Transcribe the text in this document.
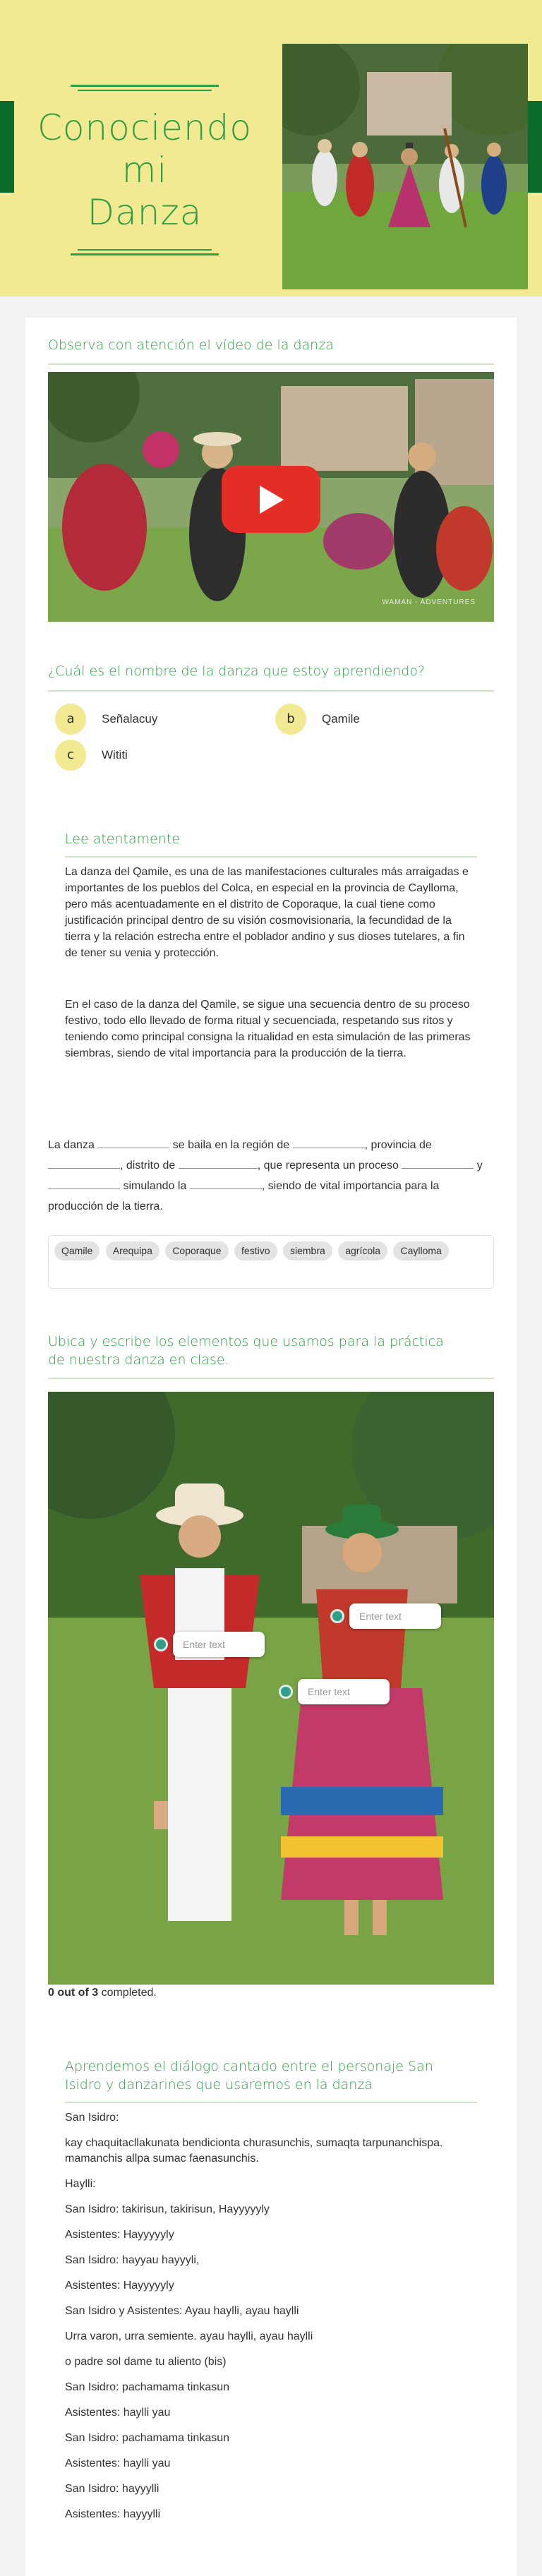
Conociendo mi
Danza
Observa con atención el vídeo de la danza
WAMAN - ADVENTURES
¿Cuál es el nombre de la danza que estoy aprendiendo?
a	Señalacuy	b	Qamile
c	Wititi
Lee atentamente
La danza del Qamile, es una de las manifestaciones culturales más arraigadas e importantes de los pueblos del Colca, en especial en la provincia de Caylloma, pero más acentuadamente en el distrito de Coporaque, la cual tiene como justificación principal dentro de su visión cosmovisionaria, la fecundidad de la tierra y la relación estrecha entre el poblador andino y sus dioses tutelares, a fin de tener su venia y protección.
En el caso de la danza del Qamile, se sigue una secuencia dentro de su proceso festivo, todo ello llevado de forma ritual y secuenciada, respetando sus ritos y teniendo como principal consigna la ritualidad en esta simulación de las primeras siembras, siendo de vital importancia para la producción de la tierra.
La danza	se baila en la región de	, provincia de , distrito de	, que representa un proceso	y  simulando la	, siendo de vital importancia para la producción de la tierra.
Qamile Arequipa Coporaque festivo siembra agrícola Caylloma
Ubica y escribe los elementos que usamos para la práctica
de nuestra danza en clase.
Enter text
Enter text
Enter text
0 out of 3 completed.
Aprendemos el diálogo cantado entre el personaje San
Isidro y danzarines que usaremos en la danza
San Isidro:
kay chaquitacllakunata bendicionta churasunchis, sumaqta tarpunanchispa. mamanchis allpa sumac faenasunchis.
Haylli:
San Isidro: takirisun, takirisun, Hayyyyyly
Asistentes: Hayyyyyly
San Isidro: hayyau hayyyli,
Asistentes: Hayyyyyly
San Isidro y Asistentes: Ayau haylli, ayau haylli
Urra varon, urra semiente. ayau haylli, ayau haylli
o padre sol dame tu aliento (bis)
San Isidro: pachamama tinkasun
Asistentes: haylli yau
San Isidro: pachamama tinkasun
Asistentes: haylli yau
San Isidro: hayyylli
Asistentes: hayyylli
